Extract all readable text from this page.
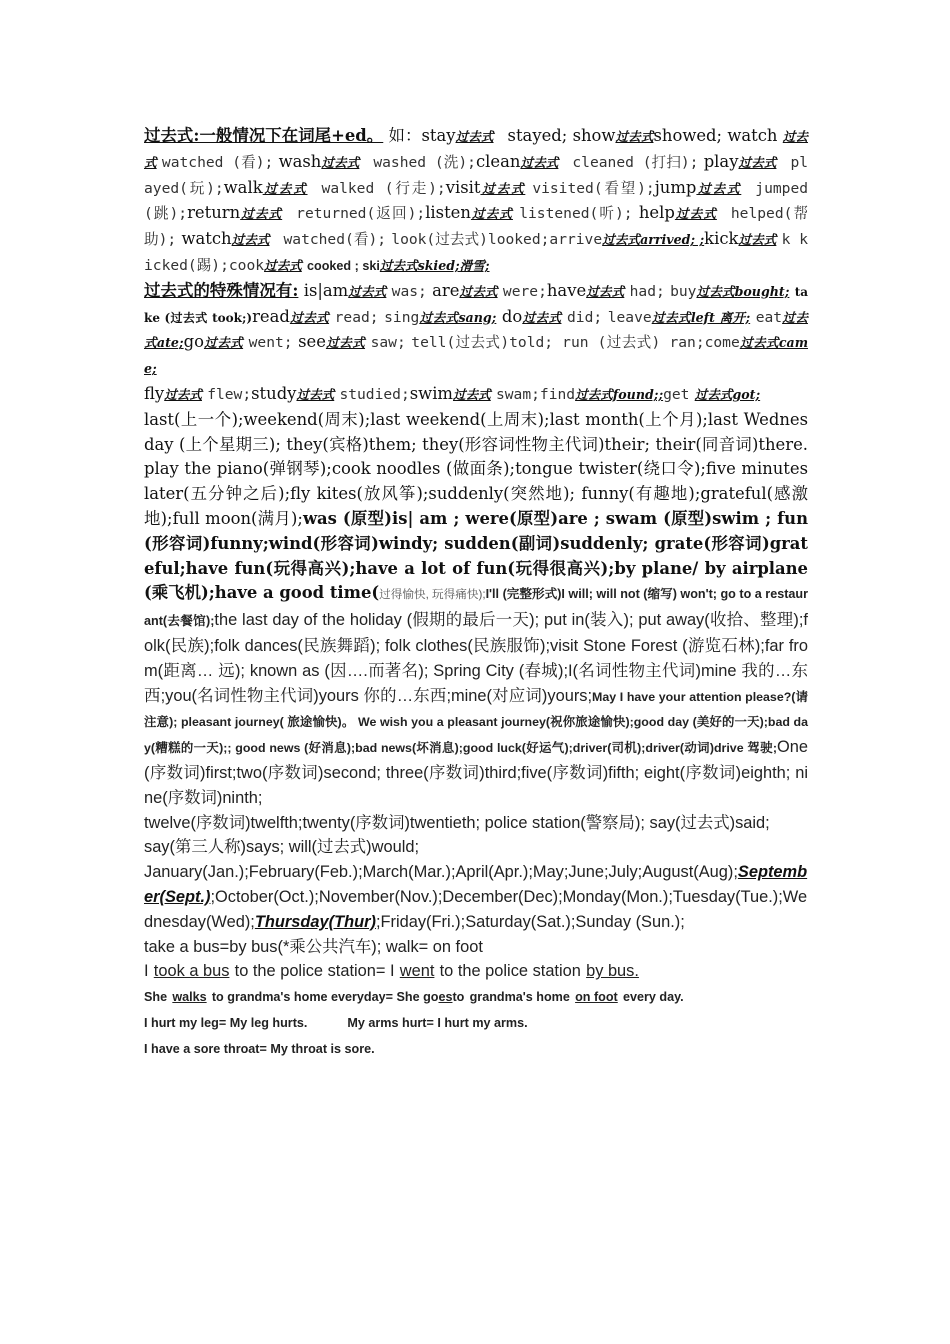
过去式:一般情况下在词尾+ed。 如：stay过去式 stayed; show过去式showed; watch 过去式 watched (看); wash过去式 washed (洗);clean过去式 cleaned (打扫); play过去式 played(玩);walk过去式 walked (行走);visit过去式 visited(看望);jump过去式 jumped(跳);return过去式 returned(返回);listen过去式 listened(听); help过去式 helped(帮助); watch过去式 watched(看); look(过去式)looked;arrive过去式arrived; ;kick过去式 k kicked(踢);cook过去式 cooked ; ski过去式skied;滑雪;

过去式的特殊情况有: is|am过去式 was; are过去式 were;have过去式 had; buy过去式bought; take (过去式 took;)read过去式 read; sing过去式sang; do过去式 did; leave过去式left 离开; eat过去式ate;go过去式 went; see过去式 saw; tell(过去式)told; run (过去式) ran;come过去式came;
fly过去式 flew;study过去式 studied;swim过去式 swam;find过去式found;;get 过去式got;

last(上一个);weekend(周末);last weekend(上周末);last month(上个月);last Wednesday (上个星期三); they(宾格)them; they(形容词性物主代词)their; their(同音词)there. play the piano(弹钢琴);cook noodles (做面条);tongue twister(绕口令);five minutes later(五分钟之后);fly kites(放风筝);suddenly(突然地); funny(有趣地);grateful(感激地);full moon(满月);was (原型)is| am ; were(原型)are ; swam (原型)swim ; fun (形容词)funny;wind(形容词)windy; sudden(副词)suddenly; grate(形容词)grateful;have fun(玩得高兴);have a lot of fun(玩得很高兴);by plane/ by airplane(乘飞机);have a good time(过得愉快, 玩得痛快);I'll (完整形式)I will; will not (缩写) won't; go to a restaurant(去餐馆);the last day of the holiday (假期的最后一天); put in(装入); put away(收拾、整理);folk(民族);folk dances(民族舞蹈); folk clothes(民族服饰);visit Stone Forest (游览石林);far from(距离… 远); known as (因….而著名); Spring City (春城);I(名词性物主代词)mine 我的…东西;you(名词性物主代词)yours 你的…东西;mine(对应词)yours;May I have your attention please?(请注意); pleasant journey( 旅途愉快)。 We wish you a pleasant journey(祝你旅途愉快);good day (美好的一天);bad day(糟糕的一天);; good news (好消息);bad news(坏消息);good luck(好运气);driver(司机);driver(动词)drive 驾驶;One(序数词)first;two(序数词)second; three(序数词)third;five(序数词)fifth; eight(序数词)eighth; nine(序数词)ninth;

twelve(序数词)twelfth;twenty(序数词)twentieth; police station(警察局); say(过去式)said;

say(第三人称)says; will(过去式)would;

January(Jan.);February(Feb.);March(Mar.);April(Apr.);May;June;July;August(Aug);September(Sept.);October(Oct.);November(Nov.);December(Dec);Monday(Mon.);Tuesday(Tue.);Wednesday(Wed);Thursday(Thur);Friday(Fri.);Saturday(Sat.);Sunday (Sun.);

take a bus=by bus(*乘公共汽车); walk= on foot

I took a bus to the police station= I went to the police station by bus.

She walks to grandma's home everyday= She goesto grandma's home on foot every day.

I hurt my leg= My leg hurts.	My arms hurt= I hurt my arms.

I have a sore throat= My throat is sore.
